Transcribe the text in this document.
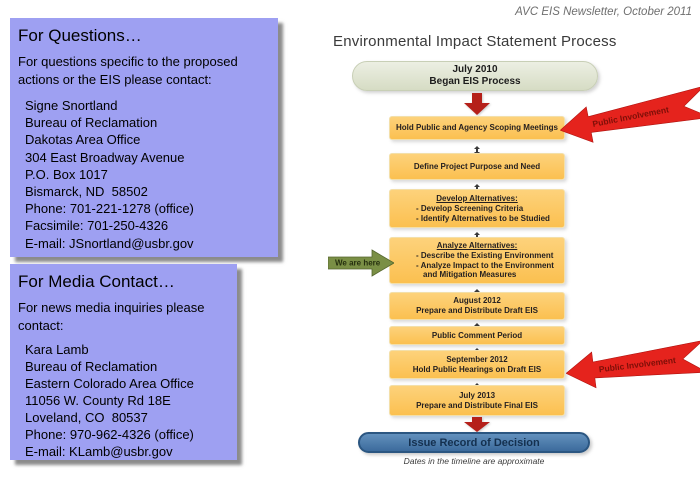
AVC EIS Newsletter, October 2011
For Questions…
For questions specific to the proposed actions or the EIS please contact:
Signe Snortland
Bureau of Reclamation
Dakotas Area Office
304 East Broadway Avenue
P.O. Box 1017
Bismarck, ND  58502
Phone: 701-221-1278 (office)
Facsimile: 701-250-4326
E-mail: JSnortland@usbr.gov
For Media Contact…
For news media inquiries please contact:
Kara Lamb
Bureau of Reclamation
Eastern Colorado Area Office
11056 W. County Rd 18E
Loveland, CO  80537
Phone: 970-962-4326 (office)
E-mail: KLamb@usbr.gov
Environmental Impact Statement Process
July 2010
Began EIS Process
Hold Public and Agency Scoping Meetings
Define Project Purpose and Need
Develop Alternatives:
- Develop Screening Criteria
- Identify Alternatives to be Studied
Analyze Alternatives:
- Describe the Existing Environment
- Analyze Impact to the Environment
and Mitigation Measures
August 2012
Prepare and Distribute Draft EIS
Public Comment Period
September 2012
Hold Public Hearings on Draft EIS
July 2013
Prepare and Distribute Final EIS
Issue Record of Decision
Dates in the timeline are approximate
Public Involvement
Public Involvement
We are here
